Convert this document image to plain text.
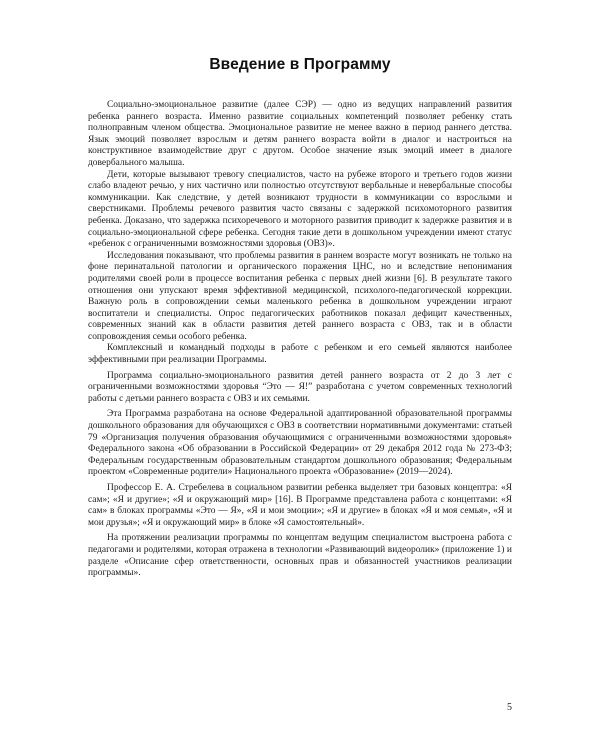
Введение в Программу

Социально-эмоциональное развитие (далее СЭР) — одно из ведущих направлений развития ребенка раннего возраста. Именно развитие социальных компетенций позволяет ребенку стать полноправным членом общества. Эмоциональное развитие не менее важно в период раннего детства. Язык эмоций позволяет взрослым и детям раннего возраста войти в диалог и настроиться на конструктивное взаимодействие друг с другом. Особое значение язык эмоций имеет в диалоге довербального малыша.

Дети, которые вызывают тревогу специалистов, часто на рубеже второго и третьего годов жизни слабо владеют речью, у них частично или полностью отсутствуют вербальные и невербальные способы коммуникации. Как следствие, у детей возникают трудности в коммуникации со взрослыми и сверстниками. Проблемы речевого развития часто связаны с задержкой психомоторного развития ребенка. Доказано, что задержка психоречевого и моторного развития приводит к задержке развития и в социально-эмоциональной сфере ребенка. Сегодня такие дети в дошкольном учреждении имеют статус «ребенок с ограниченными возможностями здоровья (ОВЗ)».

Исследования показывают, что проблемы развития в раннем возрасте могут возникать не только на фоне перинатальной патологии и органического поражения ЦНС, но и вследствие непонимания родителями своей роли в процессе воспитания ребенка с первых дней жизни [6]. В результате такого отношения они упускают время эффективной медицинской, психолого-педагогической коррекции. Важную роль в сопровождении семьи маленького ребенка в дошкольном учреждении играют воспитатели и специалисты. Опрос педагогических работников показал дефицит качественных, современных знаний как в области развития детей раннего возраста с ОВЗ, так и в области сопровождения семьи особого ребенка.

Комплексный и командный подходы в работе с ребенком и его семьей являются наиболее эффективными при реализации Программы.

Программа социально-эмоционального развития детей раннего возраста от 2 до 3 лет с ограниченными возможностями здоровья “Это — Я!” разработана с учетом современных технологий работы с детьми раннего возраста с ОВЗ и их семьями.

Эта Программа разработана на основе Федеральной адаптированной образовательной программы дошкольного образования для обучающихся с ОВЗ в соответствии нормативными документами: статьей 79 «Организация получения образования обучающимися с ограниченными возможностями здоровья» Федерального закона «Об образовании в Российской Федерации» от 29 декабря 2012 года № 273-ФЗ; Федеральным государственным образовательным стандартом дошкольного образования; Федеральным проектом «Современные родители» Национального проекта «Образование» (2019—2024).

Профессор Е. А. Стребелева в социальном развитии ребенка выделяет три базовых концептра: «Я сам»; «Я и другие»; «Я и окружающий мир» [16]. В Программе представлена работа с концептами: «Я сам» в блоках программы «Это — Я», «Я и мои эмоции»; «Я и другие» в блоках «Я и моя семья», «Я и мои друзья»; «Я и окружающий мир» в блоке «Я самостоятельный».

На протяжении реализации программы по концептам ведущим специалистом выстроена работа с педагогами и родителями, которая отражена в технологии «Развивающий видеоролик» (приложение 1) и разделе «Описание сфер ответственности, основных прав и обязанностей участников реализации программы».

5
